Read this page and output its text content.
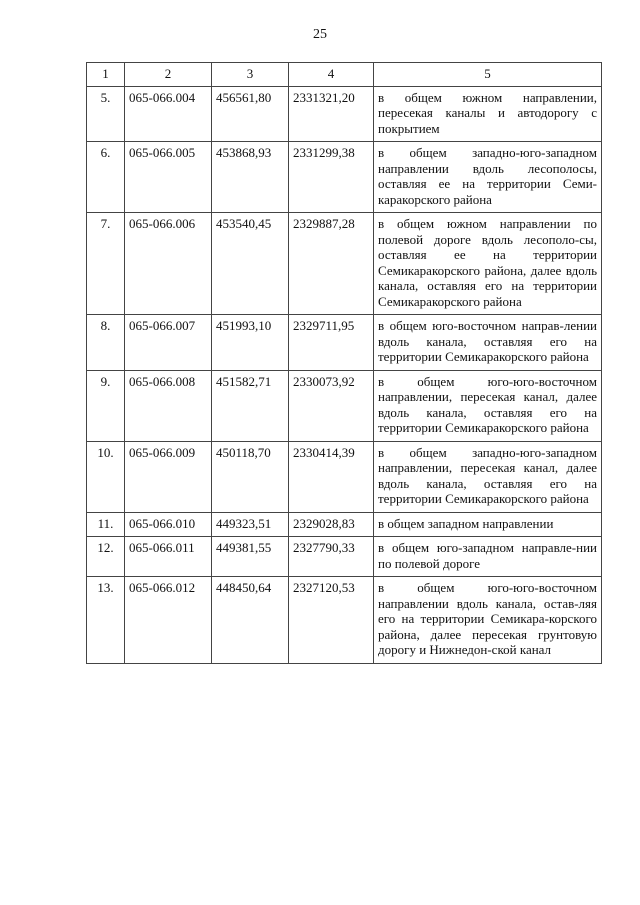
25
1	2	3	4	5
5.	065-066.004	456561,80	2331321,20	в общем южном направлении, пересекая каналы и автодорогу с покрытием
6.	065-066.005	453868,93	2331299,38	в общем западно-юго-западном направлении вдоль лесополосы, оставляя ее на территории Семи-каракорского района
7.	065-066.006	453540,45	2329887,28	в общем южном направлении по полевой дороге вдоль лесополо-сы, оставляя ее на территории Семикаракорского района, далее вдоль канала, оставляя его на территории Семикаракорского района
8.	065-066.007	451993,10	2329711,95	в общем юго-восточном направ-лении вдоль канала, оставляя его на территории Семикаракорского района
9.	065-066.008	451582,71	2330073,92	в общем юго-юго-восточном направлении, пересекая канал, далее вдоль канала, оставляя его на территории Семикаракорского района
10.	065-066.009	450118,70	2330414,39	в общем западно-юго-западном направлении, пересекая канал, далее вдоль канала, оставляя его на территории Семикаракорского района
11.	065-066.010	449323,51	2329028,83	в общем западном направлении
12.	065-066.011	449381,55	2327790,33	в общем юго-западном направле-нии по полевой дороге
13.	065-066.012	448450,64	2327120,53	в общем юго-юго-восточном направлении вдоль канала, остав-ляя его на территории Семикара-корского района, далее пересекая грунтовую дорогу и Нижнедон-ской канал
